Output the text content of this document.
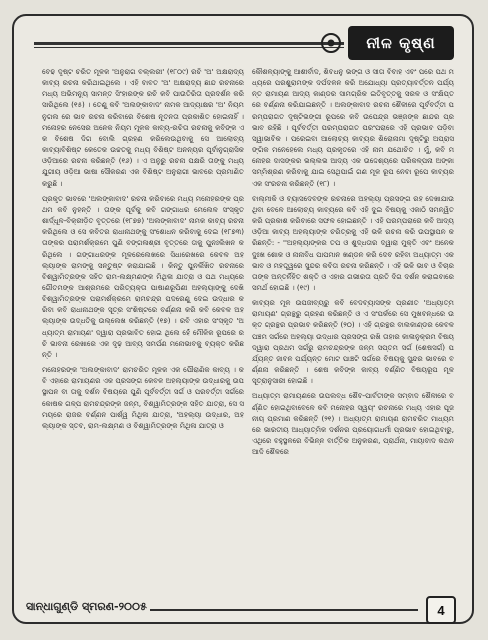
ନୀଳ କୃଷ୍ଣ

ବେଢ ଦୃଷ୍ଟ ଚରିତ ମୂଳକ 'ଅନୁରାଗ ବଲ୍ଲରୀ' (୧୮୦୯) ରଚି 'ଅ' ଅକ୍ଷରାଦ୍ୟ କାବ୍ୟ ରଚନା କରିଥାଇଥିଲେ । ଏହି ବାବତ 'ଅ' ଅକ୍ଷରାଦ୍ୟ ଛାନ୍ଦ ରଚନାରେ ମଧ୍ୟ ଅଭିମନ୍ୟୁ ସାମନ୍ତ ସିଂହାରଙ୍କ ରଚି କବି ପାଉତିରିତା ପ୍ରଦର୍ଶନ କରି ସାରିଥିଲେ (୧୫) । ତେଣୁ କବି 'ଅଲଙ୍କାବାଦ' ନାମକ ଆଦ୍ୟାକ୍ଷର 'ଅ' ନିୟମ ନୁଗଲ ରେ ଭାବ ରଚନା କରିବାରେ ବିଶେଷ ନୂତନତା ପ୍ରକାଶିତ ହୋଇନାହିଁ । ମନୋହର ନେସେର ଅନେକ ନିୟମ ମୂଳକ କାବ୍ୟ-ରଚିତା ରଚନାକୁ କବିଙ୍କ ଏକ ବିଶେଷ ଦିଗ ବୋଲି ଗ୍ରହଣ କରିଲେଉଥିବାକୁ ସେ ଆଲୋଚ୍ୟ କାବ୍ୟାବିଶିଷ୍ଟ କେତେକ ଉଚ୍ଚତକୁ ମଧ୍ୟ ବିଶିଷ୍ଟ ଅନନ୍ୟର ପୂର୍ବାନୁଗ୍ରାସିକ ଓଡ଼ିଆରେ ରଚନା କରିଛନ୍ତି (୧୬) । ଏ ଅନୁରୁ ରଚନା ପକ୍ଷରି ତାଙ୍କୁ ମଧ୍ୟଯୁଗୀୟ ଓଡ଼ିଆ ଭାଷା ସୌକରଣ ଏକ ବିଶିଷ୍ଟ ଅନୁରାଗୀ ଭାବରେ ପ୍ରମାଣିତ କରୁଛି ।

ପ୍ରକୃତ ଭାବରେ 'ଅଲଙ୍କାବାଦ' ରଚନା କରିବାରେ ମଧ୍ୟ ମନୋହରଙ୍କ ପ୍ରଥମ କବି ନୁହନ୍ତି । ତାଙ୍କ ପୂର୍ବକୁ କବି ଗଙ୍ଗାଧର ମେଲେଳ ସଂସ୍କୃତ ଶାର୍ଦ୍ଧୂଳ-ବିକ୍ରୀଡ଼ିତ ବୃତ୍ତରେ (୧୮୭୭) 'ଅଲଙ୍କାବାଦ' ନାମକ କାବ୍ୟ ରଚନା କରିଥିଲେ ଓ ସେ କବିତର ରାଧାନାଥଙ୍କୁ ସଂଶୋଧନ କରିବାକୁ ଦେଇ (୧୮୭୩) ତାଙ୍କର ପରାମର୍ଶକ୍ରମେ ପୁଣି ବଙ୍ଗଳାଶ୍ରୀ ବୃତ୍ତରେ ତାକୁ ପୁନଃଲିଖନ କରିଥିଲେ । ଗଙ୍ଗାଧରଙ୍କ ମୂଳରେଲେଖରେ ସିଧାରେଖରେ କେବଳ ଅହଲ୍ୟାଙ୍କ ରାମଙ୍କୁ ସନ୍ତୁଷ୍ଟ କରାଯାଇଛି । କିନ୍ତୁ ପୁନର୍ଲିଖିତ ରଚନାରେ ବିଶ୍ୱାମିତ୍ରଙ୍କ ସହିତ ରାମ-ଲକ୍ଷ୍ମଣଙ୍କ ମିଥିଳା ଯାତ୍ରା ଓ ପଥ ମଧ୍ୟରେ ଗୌତମଙ୍କ ଆଶ୍ରମରେ ପରିତ୍ୟକ୍ତା ପାଷାଣରୂପିଣୀ ଅହଲ୍ୟାଙ୍କୁ ଦେଖି ବିଶ୍ୱାମିତ୍ରଙ୍କ ପରାମର୍ଶକ୍ରମେ ରାମଚନ୍ଦ୍ର ପଦରେଣୁ ଦେଇ ଉଦ୍ଧାର କରିବା କବି ରାଧାନାଥଙ୍କ ସୂତ୍ର ସଂଶିଷ୍ଟରେ ବର୍ଣ୍ଣନା କରି କବି କେବଳ ଅହଲ୍ୟାଙ୍କ ଉଦ୍ଧତିକୁ ଉଲ୍ଲେଖ କରିଛନ୍ତି (୧୭) । ରବି ଏହାର ସଂସ୍କୃତ 'ଅଧ୍ୟାତ୍ମ ରାମାୟଣ' ଦ୍ୱାରା ପ୍ରଭାବିତ ହୋଇ ଥିଲେ ହେଁ ମୌଳିକ ରୂପରେ ରଚି ଭାବନା ରେଖାରେ ଏକ ଦୃଢ଼ ଆବ୍ୟ ସମର୍ପଣ ମନୋଭାବକୁ ବ୍ୟକ୍ତ କରିଛନ୍ତି ।

ମନୋହରଙ୍କ 'ଅଲଙ୍କାବାଦ' ରାମଚରିତ ମୂଳକ ଏକ ପୌରାଣିକ କାବ୍ୟ । କବି ଏହାରେ ରାମାୟଣର ଏକ ପ୍ରସଙ୍ଗ କେବଳ ଅହଲ୍ୟାଙ୍କ ଉଦ୍ଧାରକୁ ଉପସ୍ଥାପନ ବା ତାକୁ ଦର୍ଶନ ବିଷୟରେ ପୁଣି ପୂର୍ବବର୍ତ୍ତୀ ସର୍ଗ ଓ ପରବର୍ତ୍ତୀ ସର୍ଗରେ କୋଷକ ଗଳ୍ପ ରାମଚନ୍ଦ୍ରଙ୍କ ଜନ୍ମ, ବିଶ୍ୱାମିତ୍ରଙ୍କ ସହିତ ଯାତ୍ରା, ସେ ସମୟରେ ରାଜର ବର୍ଣ୍ଣନ ପାର୍ଶ୍ୱ ମିଥିଳା ଯାତ୍ରା, 'ଅହଲ୍ୟା ଉଦ୍ଧାର, ଅହଲ୍ୟାଙ୍କ ସ୍ତବ, ରାମ-ଲକ୍ଷ୍ମଣ ଓ ବିଶ୍ୱାମିତ୍ରଙ୍କ ମିଥିଳା ଯାତ୍ରା ଓ

କୌଶଳ୍ୟାଙ୍କୁ ଆଶୀର୍ବାଦ, ଶିବଧନୁ ଭଙ୍ଗ ଓ ସୀତା ବିବାହ ଏବଂ ପରେ ପଥ ମଧ୍ୟରେ ପରଶୁରାମଙ୍କ ଦର୍ପଦଳନ କରି ଅଯୋଧ୍ୟା ପ୍ରତ୍ୟାବର୍ତ୍ତନ ପର୍ଯ୍ୟନ୍ତ ରାମାୟଣ ଆଦ୍ୟ କାଣ୍ଡର ସାମଗ୍ରିକ ଇତିବୃତ୍ତକୁ ସରଳ ଓ ସଂକ୍ଷିପ୍ତରେ ବର୍ଣ୍ଣନା କରିଯାଇଛନ୍ତି । ଅଲଙ୍କାବାଦ ରଚନା ଶୈଳୀରେ ପୂର୍ବବର୍ତ୍ତୀ ପରମ୍ପରାଗତ ଦୃଷ୍ଟିଭଙ୍ଗୀ ରୂପରେ କବି ଉପେନ୍ଦ୍ର ଭଞ୍ଜଙ୍କ ଛାନ୍ଦର ପ୍ରଭାବ ରହିଛି । ପୂର୍ବବର୍ତ୍ତୀ ପରମ୍ପରାଗତ ପରଂପରାରେ ଏହି ପ୍ରଭାବ ପଡ଼ିବା ସ୍ୱାଭାବିକ । ପରେଇବା ଆଲୋଚ୍ୟ କାବ୍ୟର ଶିରୋନାମା ଦୃଷ୍ଟିରୁ ଅପ୍ରାସଙ୍ଗିକ ମନେହେଲେ ମଧ୍ୟ ପ୍ରକୃତରେ ଏହି ନାମ ଯଥୋଚିତ । ମୁଁ, କବି ମନୋହର ଦାସଙ୍କର ଭଲ୍ଲଭ ଆଦ୍ୟ ଏକ ଉଦ୍ଦେଶ୍ୟରେ ପରିକଳ୍ପନା ଅଙ୍କା ସମ୍ମିଶ୍ରଣ କରିବାକୁ ଯାଇ ସେଥିପାଇଁ ଗଣ ମୂଳ ରୂପ ନେବା ରୂପେ କାବ୍ୟର ଏକ ସଂରଚନା କରିଛନ୍ତି (୧୮) ।

ବାଲ୍ମୀକି ଓ ବ୍ୟାସଦେବଙ୍କ ରଚନାରେ ଅହଲ୍ୟା ପ୍ରସଙ୍ଗ ରହ ଦେଖାଯାଉଥିବା ବେଳେ ଆଲୋଚ୍ୟ କାବ୍ୟରେ କବି ଏହି ଦୁଇ ବିଷୟକୁ ଏକାଠି ସମନ୍ୱିତ କରି ପ୍ରକାଶ କରିବାରେ ସଫଳ ହୋଇଛନ୍ତି । ଏହି ପରମ୍ପରାରେ କବି ଆଦ୍ୟ ଓଡ଼ିଆ କାବ୍ୟ ଅହଲ୍ୟାଙ୍କ ଚରିତ୍ରକୁ ଏହି ଭଳି ରଚନା କରି ଉପସ୍ଥାପନ କରିଛନ୍ତି: - ''ଅହଲ୍ୟାଙ୍କର ତପ ଓ ଶୁଦ୍ଧତାର ଦ୍ୱାରା ମୁକ୍ତି ଏବଂ ଅନେକ ଦୁଃଖ ଶୋକ ଓ ନାନାବିଧ ପାପମାନ ଖଣ୍ଡନ କରି ଦେବ ରହିବା ଅଧ୍ୟାତ୍ମ ଏକ ଭାବ ଓ ମହତ୍ତ୍ୱରେ ସୁନ୍ଦର କବିତା ରଚନା କରିଛନ୍ତି । ଏହି ଭଳି ଭାବ ଓ ବିଚାର ତାଙ୍କ ଅନ୍ତର୍ନିହିତ ଶକ୍ତି ଓ ଏହାର ଗଭୀରତା ପ୍ରତି ଦିଗ ଦର୍ଶନ କରାଇବାରେ ସମର୍ଥ ହୋଇଛି । (୧୯) ।

କାବ୍ୟର ମୂଳ ଉପଜୀବ୍ୟରୁ କବି ବେଦବ୍ୟାସଙ୍କ ପ୍ରଣୀତ 'ଅଧ୍ୟାତ୍ମ ରାମାୟଣ' ଗ୍ରନ୍ଥରୁ ଗ୍ରହଣ କରିଛନ୍ତି ଓ ଏ ସଂପର୍କରେ ସେ ମୁଖବନ୍ଧରେ ଉକ୍ତ ଗ୍ରନ୍ଥର ପ୍ରଭାବ କରିଛନ୍ତି (୨୦) । ଏହି ଗ୍ରନ୍ଥର ବାଲକାଣ୍ଡର କେବଳ ପଞ୍ଚମ ସର୍ଗରେ ଅହଲ୍ୟା ଉଦ୍ଧାର ପ୍ରସଙ୍ଗ ରଖି ତାହାର କାଳାନୁକ୍ରମ ବିଷୟ ଦ୍ୱାରା ପ୍ରଥମ ସର୍ଗରୁ ରାମଚନ୍ଦ୍ରଙ୍କ ଜନ୍ମ ସପ୍ତମ ସର୍ଗ (ଶେଷସର୍ଗ) ପର୍ଯ୍ୟନ୍ତ ଜାବନ ପର୍ଯ୍ୟନ୍ତ ମୋଟ ପାଞ୍ଚଟି ସର୍ଗରେ ବିଷୟକୁ ସୁନ୍ଦର ଭାବରେ ବର୍ଣ୍ଣନା କରିଛନ୍ତି । ଶେଷ କବିଙ୍କ କାବ୍ୟ ବର୍ଣ୍ଣିତ ବିଷୟରୂପ ମୂଳ ସୂତ୍ରାନୁସାରୀ ହୋଇଛି ।

ଅଧ୍ୟାତ୍ମ ରାମାୟଣରେ ଉପଲବ୍ଧ ଶୈବ-ପାର୍ବତୀଙ୍କ ସମ୍ବାଦ ଶୈଳୀରେ ବର୍ଣ୍ଣିତ ହୋଇଥିବାବେଳେ କବି ମନୋହର ସ୍ୱୟଂ ରଚନାରେ ମଧ୍ୟ ଏହାର ପୂଜନୀୟ ପ୍ରମାଣ କରିଛନ୍ତି (୨୧) । ଅଧ୍ୟାତ୍ମ ରାମାୟଣ ରାମଚରିତ ମାଧ୍ୟମରେ ଭାରତୀୟ ଆଧ୍ୟାତ୍ମିକ ଦର୍ଶନର ପ୍ରୟୋଗଧର୍ମୀ ପ୍ରଭାବ ହୋଇଥିବାରୁ, ଏଥିରେ ବହୁସ୍ଥଳରେ ବିଭିନ୍ନ ବାର୍ତ୍ତିକ ଅନୁକରଣ, ପ୍ରାର୍ଥନା, ମାୟାବାଦ କଥନ ଆଦି ଶୈଳରେ

ସାନ୍ଧାଗୁଣ୍ଡି ସ୍ମରଣ-୨୦୦୫	4
